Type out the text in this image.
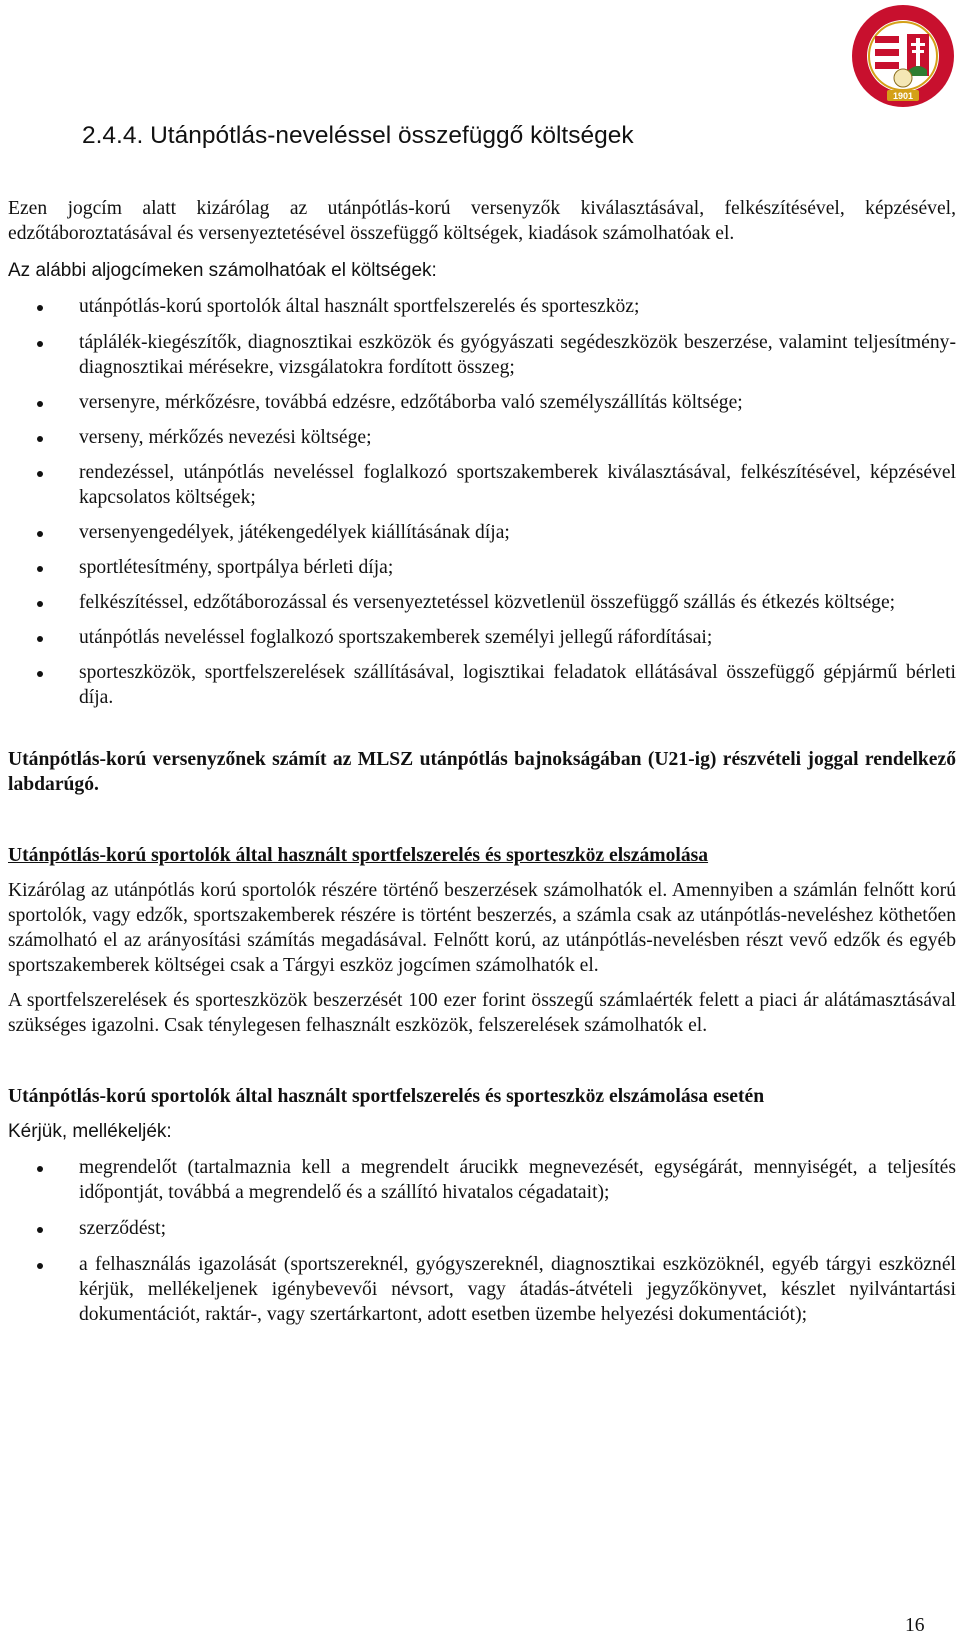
1901
2.4.4. Utánpótlás-neveléssel összefüggő költségek

Ezen jogcím alatt kizárólag az utánpótlás-korú versenyzők kiválasztásával, felkészítésével, képzésével, edzőtáboroztatásával és versenyeztetésével összefüggő költségek, kiadások számolhatóak el.

Az alábbi aljogcímeken számolhatóak el költségek:

utánpótlás-korú sportolók által használt sportfelszerelés és sporteszköz;
táplálék-kiegészítők, diagnosztikai eszközök és gyógyászati segédeszközök beszerzése, valamint teljesítmény-diagnosztikai mérésekre, vizsgálatokra fordított összeg;
versenyre, mérkőzésre, továbbá edzésre, edzőtáborba való személyszállítás költsége;
verseny, mérkőzés nevezési költsége;
rendezéssel, utánpótlás neveléssel foglalkozó sportszakemberek kiválasztásával, felkészítésével, képzésével kapcsolatos költségek;
versenyengedélyek, játékengedélyek kiállításának díja;
sportlétesítmény, sportpálya bérleti díja;
felkészítéssel, edzőtáborozással és versenyeztetéssel közvetlenül összefüggő szállás és étkezés költsége;
utánpótlás neveléssel foglalkozó sportszakemberek személyi jellegű ráfordításai;
sporteszközök, sportfelszerelések szállításával, logisztikai feladatok ellátásával összefüggő gépjármű bérleti díja.

Utánpótlás-korú versenyzőnek számít az MLSZ utánpótlás bajnokságában (U21-ig) részvételi joggal rendelkező labdarúgó.

Utánpótlás-korú sportolók által használt sportfelszerelés és sporteszköz elszámolása

Kizárólag az utánpótlás korú sportolók részére történő beszerzések számolhatók el. Amennyiben a számlán felnőtt korú sportolók, vagy edzők, sportszakemberek részére is történt beszerzés, a számla csak az utánpótlás-neveléshez köthetően számolható el az arányosítási számítás megadásával. Felnőtt korú, az utánpótlás-nevelésben részt vevő edzők és egyéb sportszakemberek költségei csak a Tárgyi eszköz jogcímen számolhatók el.

A sportfelszerelések és sporteszközök beszerzését 100 ezer forint összegű számlaérték felett a piaci ár alátámasztásával szükséges igazolni. Csak ténylegesen felhasznált eszközök, felszerelések számolhatók el.

Utánpótlás-korú sportolók által használt sportfelszerelés és sporteszköz elszámolása esetén

Kérjük, mellékeljék:

megrendelőt (tartalmaznia kell a megrendelt árucikk megnevezését, egységárát, mennyiségét, a teljesítés időpontját, továbbá a megrendelő és a szállító hivatalos cégadatait);
szerződést;
a felhasználás igazolását (sportszereknél, gyógyszereknél, diagnosztikai eszközöknél, egyéb tárgyi eszköznél kérjük, mellékeljenek igénybevevői névsort, vagy átadás-átvételi jegyzőkönyvet, készlet nyilvántartási dokumentációt, raktár-, vagy szertárkartont, adott esetben üzembe helyezési dokumentációt);
16
